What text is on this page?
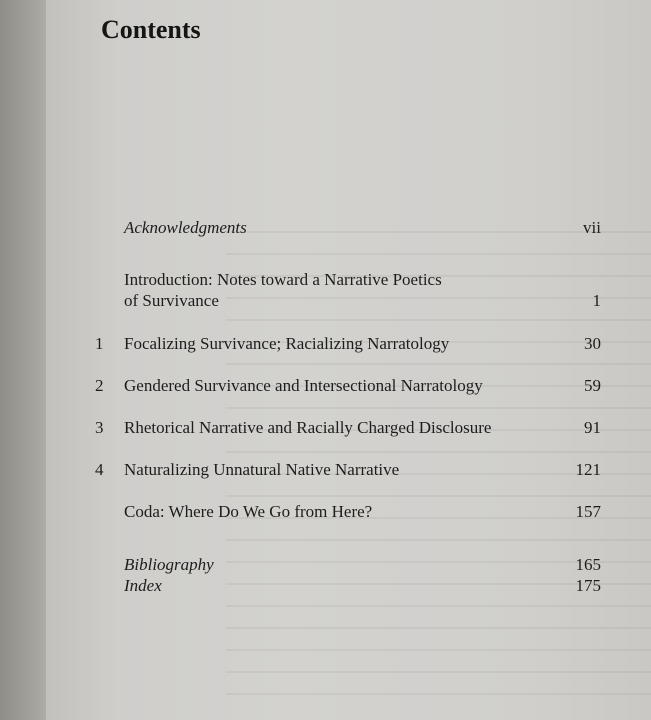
Contents
Acknowledgments	vii
Introduction: Notes toward a Narrative Poetics
of Survivance	1
1 Focalizing Survivance; Racializing Narratology	30
2 Gendered Survivance and Intersectional Narratology	59
3 Rhetorical Narrative and Racially Charged Disclosure	91
4 Naturalizing Unnatural Native Narrative	121
Coda: Where Do We Go from Here?	157
Bibliography	165
Index	175
